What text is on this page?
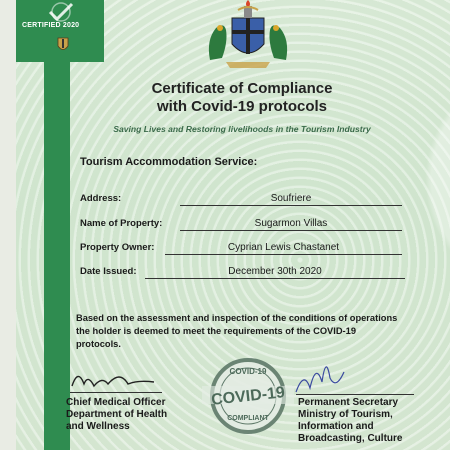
CERTIFIED 2020
Certificate of Compliance
with Covid-19 protocols
Saving Lives and Restoring livelihoods in the Tourism Industry
Tourism Accommodation Service:
Address:	Soufriere
Name of Property:	Sugarmon Villas
Property Owner:	Cyprian Lewis Chastanet
Date Issued:	December 30th 2020
Based on the assessment and inspection of the conditions of operations the holder is deemed to meet the requirements of the COVID-19 protocols.
Chief Medical Officer
Department of Health
and Wellness
COVID-19
COVID-19
COMPLIANT
Permanent Secretary
Ministry of Tourism,
Information and
Broadcasting, Culture
